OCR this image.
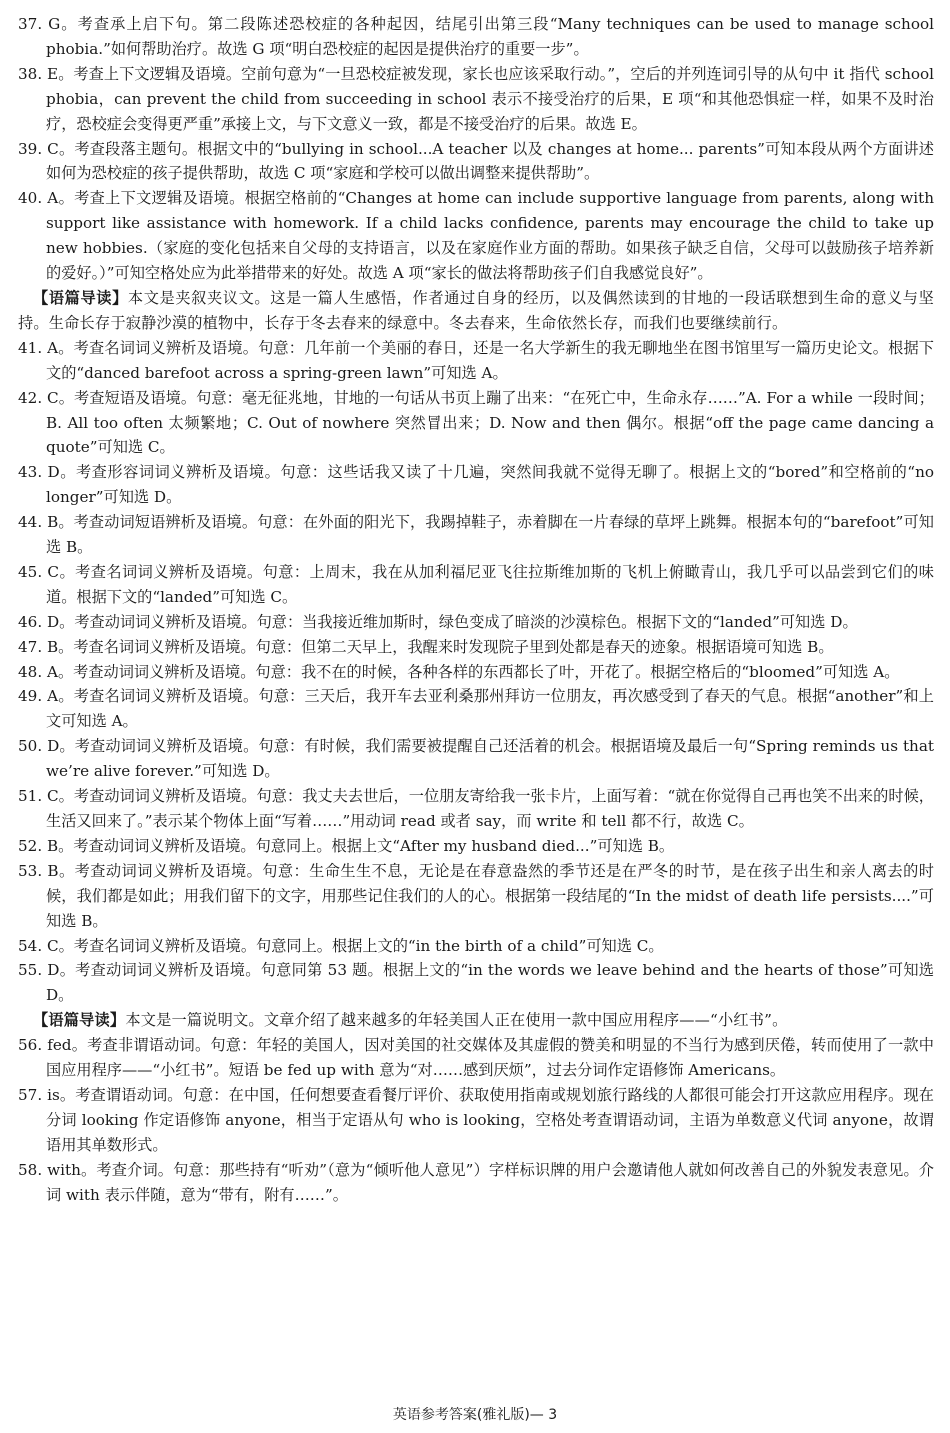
37. G。考查承上启下句。第二段陈述恐校症的各种起因，结尾引出第三段“Many techniques can be used to manage school phobia.”如何帮助治疗。故选 G 项“明白恐校症的起因是提供治疗的重要一步”。

38. E。考查上下文逻辑及语境。空前句意为“一旦恐校症被发现，家长也应该采取行动。”，空后的并列连词引导的从句中 it 指代 school phobia，can prevent the child from succeeding in school 表示不接受治疗的后果，E 项“和其他恐惧症一样，如果不及时治疗，恐校症会变得更严重”承接上文，与下文意义一致，都是不接受治疗的后果。故选 E。

39. C。考查段落主题句。根据文中的“bullying in school...A teacher 以及 changes at home... parents”可知本段从两个方面讲述如何为恐校症的孩子提供帮助，故选 C 项“家庭和学校可以做出调整来提供帮助”。

40. A。考查上下文逻辑及语境。根据空格前的“Changes at home can include supportive language from parents, along with support like assistance with homework. If a child lacks confidence, parents may encourage the child to take up new hobbies.（家庭的变化包括来自父母的支持语言，以及在家庭作业方面的帮助。如果孩子缺乏自信，父母可以鼓励孩子培养新的爱好。）”可知空格处应为此举措带来的好处。故选 A 项“家长的做法将帮助孩子们自我感觉良好”。

【语篇导读】本文是夹叙夹议文。这是一篇人生感悟，作者通过自身的经历，以及偶然读到的甘地的一段话联想到生命的意义与坚持。生命长存于寂静沙漠的植物中，长存于冬去春来的绿意中。冬去春来，生命依然长存，而我们也要继续前行。

41. A。考查名词词义辨析及语境。句意：几年前一个美丽的春日，还是一名大学新生的我无聊地坐在图书馆里写一篇历史论文。根据下文的“danced barefoot across a spring-green lawn”可知选 A。

42. C。考查短语及语境。句意：毫无征兆地，甘地的一句话从书页上蹦了出来：“在死亡中，生命永存……”A. For a while 一段时间；B. All too often 太频繁地；C. Out of nowhere 突然冒出来；D. Now and then 偶尔。根据“off the page came dancing a quote”可知选 C。

43. D。考查形容词词义辨析及语境。句意：这些话我又读了十几遍，突然间我就不觉得无聊了。根据上文的“bored”和空格前的“no longer”可知选 D。

44. B。考查动词短语辨析及语境。句意：在外面的阳光下，我踢掉鞋子，赤着脚在一片春绿的草坪上跳舞。根据本句的“barefoot”可知选 B。

45. C。考查名词词义辨析及语境。句意：上周末，我在从加利福尼亚飞往拉斯维加斯的飞机上俯瞰青山，我几乎可以品尝到它们的味道。根据下文的“landed”可知选 C。

46. D。考查动词词义辨析及语境。句意：当我接近维加斯时，绿色变成了暗淡的沙漠棕色。根据下文的“landed”可知选 D。

47. B。考查名词词义辨析及语境。句意：但第二天早上，我醒来时发现院子里到处都是春天的迹象。根据语境可知选 B。

48. A。考查动词词义辨析及语境。句意：我不在的时候，各种各样的东西都长了叶，开花了。根据空格后的“bloomed”可知选 A。

49. A。考查名词词义辨析及语境。句意：三天后，我开车去亚利桑那州拜访一位朋友，再次感受到了春天的气息。根据“another”和上文可知选 A。

50. D。考查动词词义辨析及语境。句意：有时候，我们需要被提醒自己还活着的机会。根据语境及最后一句“Spring reminds us that we’re alive forever.”可知选 D。

51. C。考查动词词义辨析及语境。句意：我丈夫去世后，一位朋友寄给我一张卡片，上面写着：“就在你觉得自己再也笑不出来的时候，生活又回来了。”表示某个物体上面“写着……”用动词 read 或者 say，而 write 和 tell 都不行，故选 C。

52. B。考查动词词义辨析及语境。句意同上。根据上文“After my husband died...”可知选 B。

53. B。考查动词词义辨析及语境。句意：生命生生不息，无论是在春意盎然的季节还是在严冬的时节，是在孩子出生和亲人离去的时候，我们都是如此；用我们留下的文字，用那些记住我们的人的心。根据第一段结尾的“In the midst of death life persists....”可知选 B。

54. C。考查名词词义辨析及语境。句意同上。根据上文的“in the birth of a child”可知选 C。

55. D。考查动词词义辨析及语境。句意同第 53 题。根据上文的“in the words we leave behind and the hearts of those”可知选 D。

【语篇导读】本文是一篇说明文。文章介绍了越来越多的年轻美国人正在使用一款中国应用程序——“小红书”。

56. fed。考查非谓语动词。句意：年轻的美国人，因对美国的社交媒体及其虚假的赞美和明显的不当行为感到厌倦，转而使用了一款中国应用程序——“小红书”。短语 be fed up with 意为“对……感到厌烦”，过去分词作定语修饰 Americans。

57. is。考查谓语动词。句意：在中国，任何想要查看餐厅评价、获取使用指南或规划旅行路线的人都很可能会打开这款应用程序。现在分词 looking 作定语修饰 anyone，相当于定语从句 who is looking，空格处考查谓语动词，主语为单数意义代词 anyone，故谓语用其单数形式。

58. with。考查介词。句意：那些持有“听劝”（意为“倾听他人意见”）字样标识牌的用户会邀请他人就如何改善自己的外貌发表意见。介词 with 表示伴随，意为“带有，附有……”。

英语参考答案(雅礼版)— 3
